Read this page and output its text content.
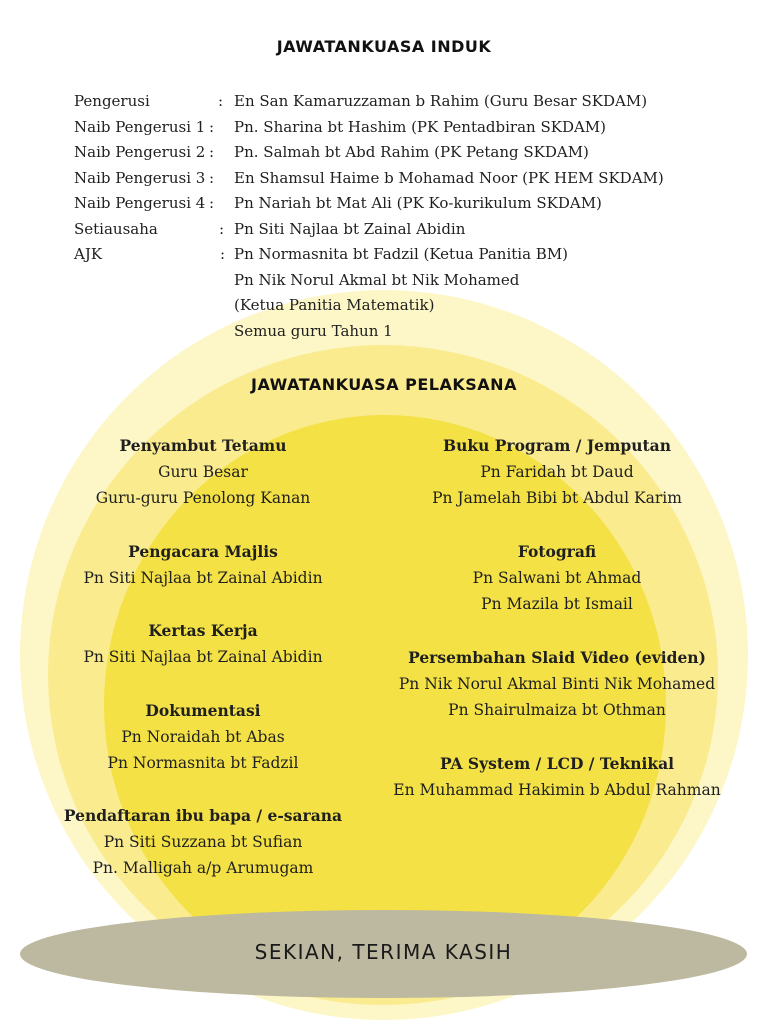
JAWATANKUASA INDUK
Pengerusi	: En San Kamaruzzaman b Rahim (Guru Besar SKDAM)
Naib Pengerusi 1 : Pn. Sharina bt Hashim (PK Pentadbiran SKDAM)
Naib Pengerusi 2 : Pn. Salmah bt Abd Rahim (PK Petang SKDAM)
Naib Pengerusi 3 : En Shamsul Haime b Mohamad Noor (PK HEM SKDAM)
Naib Pengerusi 4 : Pn Nariah bt Mat Ali (PK Ko-kurikulum SKDAM)
Setiausaha	: Pn Siti Najlaa bt Zainal Abidin
AJK	: Pn Normasnita bt Fadzil (Ketua Panitia BM)
Pn Nik Norul Akmal bt Nik Mohamed
(Ketua Panitia Matematik)
Semua guru Tahun 1
JAWATANKUASA PELAKSANA
Penyambut Tetamu
Guru Besar
Guru-guru Penolong Kanan
Pengacara Majlis
Pn Siti Najlaa bt Zainal Abidin
Kertas Kerja
Pn Siti Najlaa bt Zainal Abidin
Dokumentasi
Pn Noraidah bt Abas
Pn Normasnita bt Fadzil
Pendaftaran ibu bapa / e-sarana
Pn Siti Suzzana bt Sufian
Pn. Malligah a/p Arumugam
Buku Program / Jemputan
Pn Faridah bt Daud
Pn Jamelah Bibi bt Abdul Karim
Fotografi
Pn Salwani bt Ahmad
Pn Mazila bt Ismail
Persembahan Slaid Video (eviden)
Pn Nik Norul Akmal Binti Nik Mohamed
Pn Shairulmaiza bt Othman
PA System / LCD / Teknikal
En Muhammad Hakimin b Abdul Rahman
SEKIAN, TERIMA KASIH
